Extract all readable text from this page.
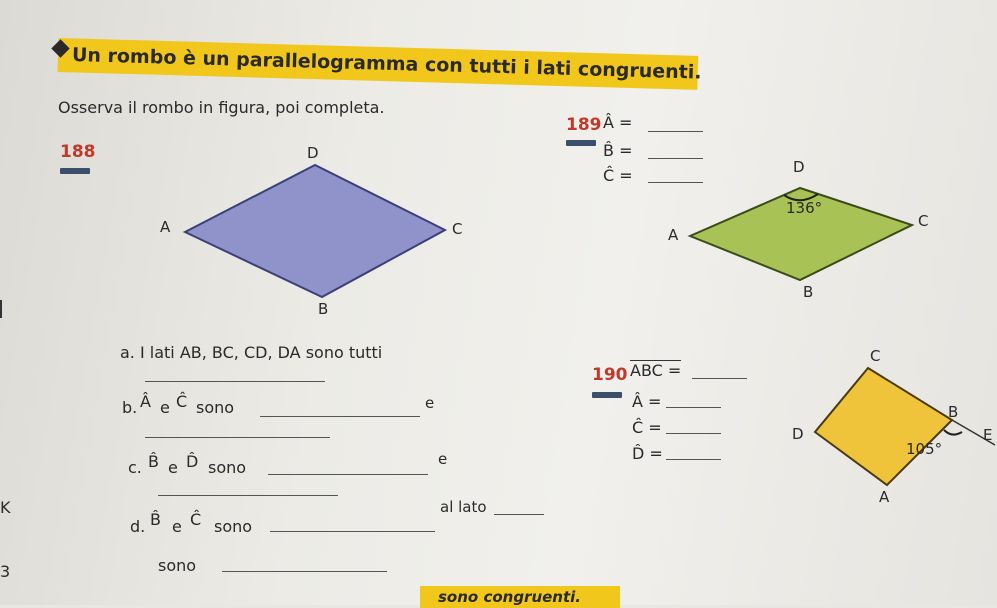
Un rombo è un parallelogramma con tutti i lati congruenti.
Osserva il rombo in figura, poi completa.
188
A
B
C
D
a. I lati AB, BC, CD, DA sono tutti
b. Â e Ĉ sono	e
c. B̂ e D̂ sono	e
d. B̂ e Ĉ sono
al lato
sono
189 Â =
B̂ =
Ĉ =	D
A
C
B
136°
190 ABC =
Â =
Ĉ =
D̂ =
C
D
B
A
E
105°
K
3
sono congruenti.
